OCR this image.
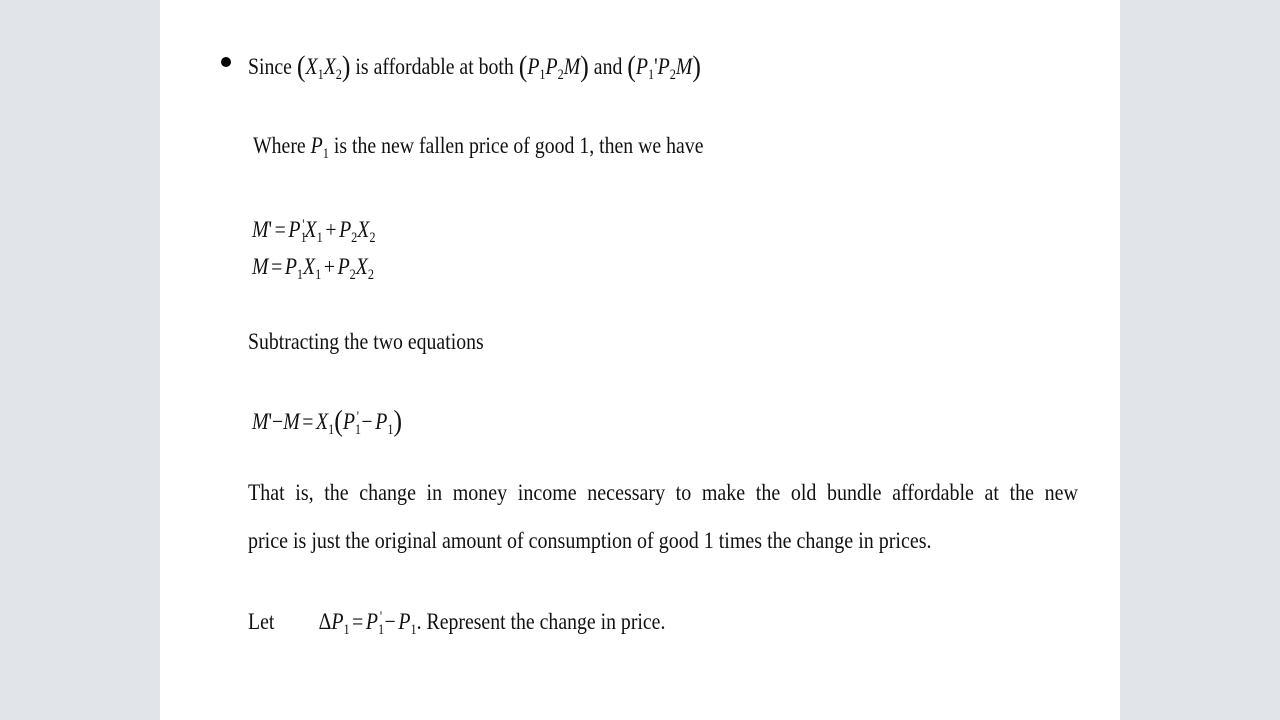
Since $(X_1X_2)$ is affordable at both $(P_1P_2M)$ and $(P_1'P_2M)$
Where $P_1$ is the new fallen price of good 1, then we have
$M' = P_1'X_1 + P_2X_2$
$M = P_1X_1 + P_2X_2$
Subtracting the two equations
$M'-M = X_1(P_1' - P_1)$
That is, the change in money income necessary to make the old bundle affordable at the new
price is just the original amount of consumption of good 1 times the change in prices.
Let $\Delta P_1 = P_1' - P_1$. Represent the change in price.
